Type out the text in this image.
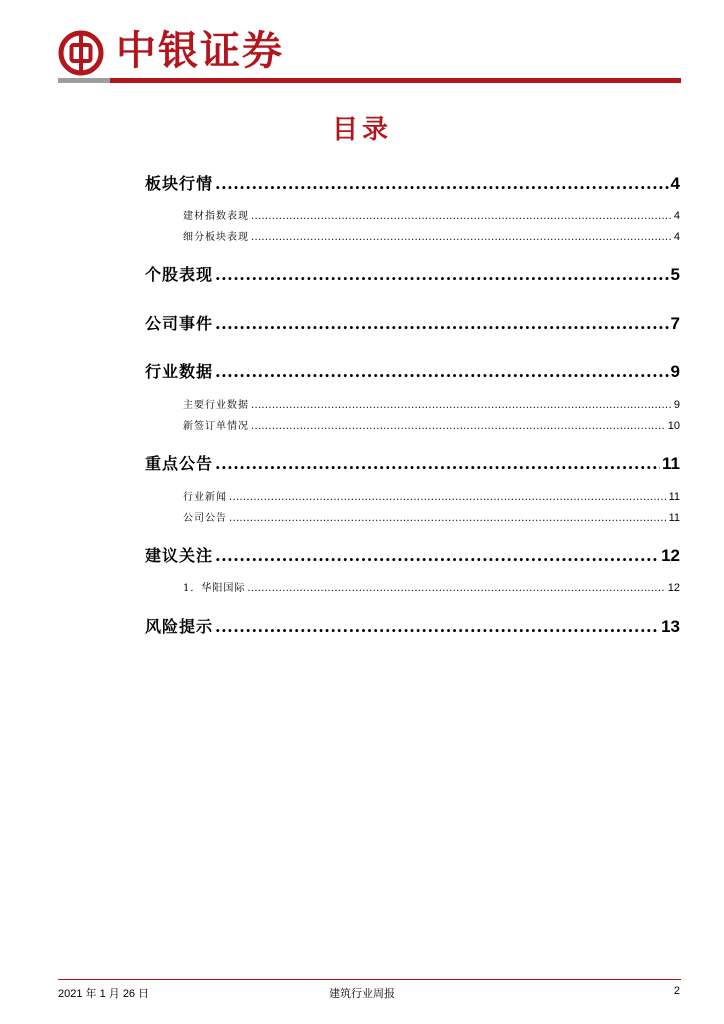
中银证券
目录
板块行情 .....	4
建材指数表现 .....	4
细分板块表现 .....	4
个股表现 .....	5
公司事件 .....	7
行业数据 .....	9
主要行业数据 .....	9
新签订单情况 .....	10
重点公告 .....	11
行业新闻 .....	11
公司公告 .....	11
建议关注 .....	12
1．华阳国际 .....	12
风险提示 .....	13
2021 年 1 月 26 日	建筑行业周报	2
